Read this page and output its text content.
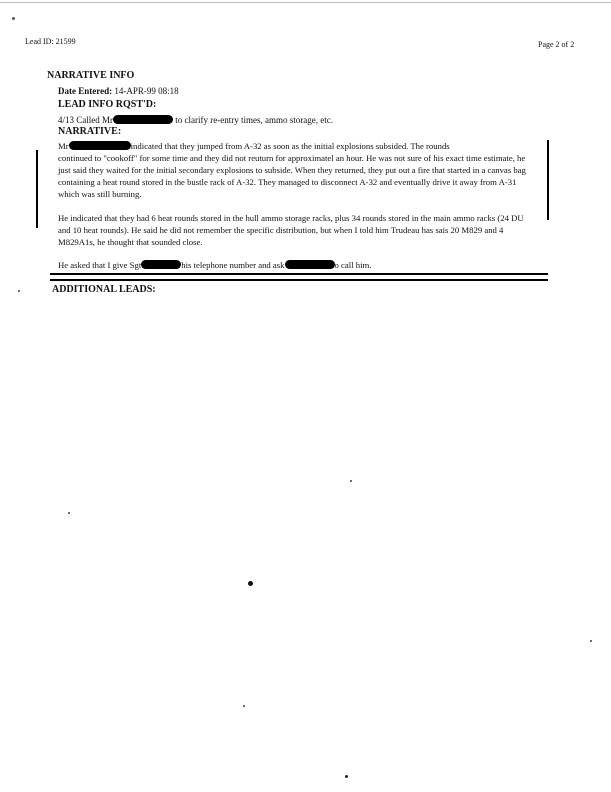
Lead ID: 21599	Page 2 of 2
NARRATIVE INFO
Date Entered: 14-APR-99 08:18
LEAD INFO RQST'D:
4/13 Called Mr	to clarify re-entry times, ammo storage, etc.
NARRATIVE:
Mr	indicated that they jumped from A-32 as soon as the initial explosions subsided. The rounds
continued to "cookoff" for some time and they did not reuturn for approximatel an hour. He was not sure of his exact time estimate, he just said they waited for the initial secondary explosions to subside. When they returned, they put out a fire that started in a canvas bag containing a heat round stored in the bustle rack of A-32. They managed to disconnect A-32 and eventually drive it away from A-31 which was still burning.
He indicated that they had 6 heat rounds stored in the hull ammo storage racks, plus 34 rounds stored in the main ammo racks (24 DU and 10 heat rounds). He said he did not remember the specific distribution, but when I told him Trudeau has sais 20 M829 and 4 M829A1s, he thought that sounded close.
He asked that I give Sgt	his telephone number and ask	o call him.
ADDITIONAL LEADS:
